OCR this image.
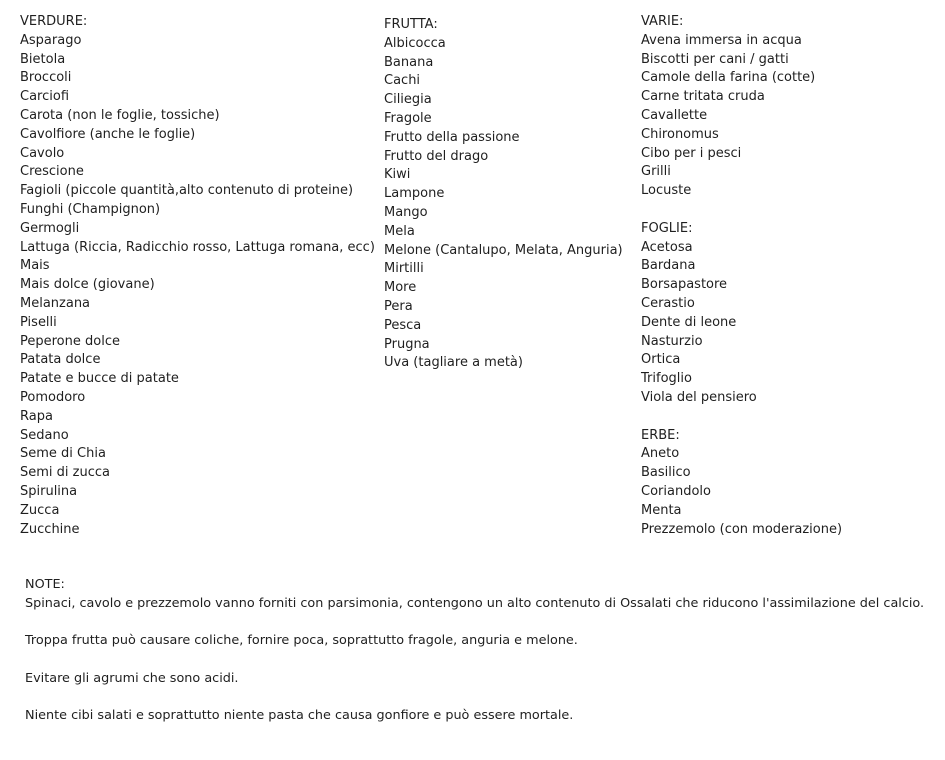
VERDURE:
Asparago
Bietola
Broccoli
Carciofi
Carota (non le foglie, tossiche)
Cavolfiore (anche le foglie)
Cavolo
Crescione
Fagioli (piccole quantità,alto contenuto di proteine)
Funghi (Champignon)
Germogli
Lattuga (Riccia, Radicchio rosso, Lattuga romana, ecc)
Mais
Mais dolce (giovane)
Melanzana
Piselli
Peperone dolce
Patata dolce
Patate e bucce di patate
Pomodoro
Rapa
Sedano
Seme di Chia
Semi di zucca
Spirulina
Zucca
Zucchine
FRUTTA:
Albicocca
Banana
Cachi
Ciliegia
Fragole
Frutto della passione
Frutto del drago
Kiwi
Lampone
Mango
Mela
Melone (Cantalupo, Melata, Anguria)
Mirtilli
More
Pera
Pesca
Prugna
Uva (tagliare a metà)
VARIE:
Avena immersa in acqua
Biscotti per cani / gatti
Camole della farina (cotte)
Carne tritata cruda
Cavallette
Chironomus
Cibo per i pesci
Grilli
Locuste
FOGLIE:
Acetosa
Bardana
Borsapastore
Cerastio
Dente di leone
Nasturzio
Ortica
Trifoglio
Viola del pensiero
ERBE:
Aneto
Basilico
Coriandolo
Menta
Prezzemolo (con moderazione)
NOTE:
Spinaci, cavolo e prezzemolo vanno forniti con parsimonia, contengono un alto contenuto di Ossalati che riducono l'assimilazione del calcio.
Troppa frutta può causare coliche, fornire poca, soprattutto fragole, anguria e melone.
Evitare gli agrumi che sono acidi.
Niente cibi salati e soprattutto niente pasta che causa gonfiore e può essere mortale.
